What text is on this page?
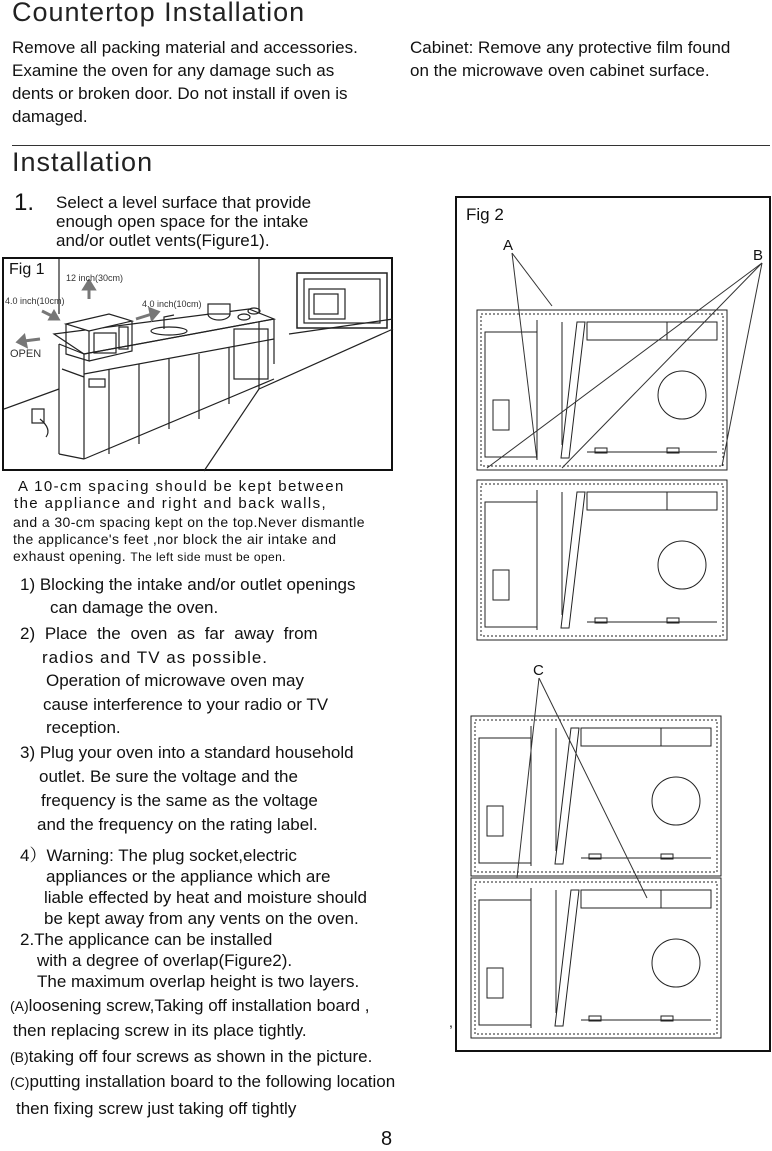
Countertop Installation
Remove all packing material and accessories.
Examine the oven for any damage such as
dents or broken door. Do not install if oven is
damaged.
Cabinet: Remove any protective film found
on the microwave oven cabinet surface.
Installation
1. Select a level surface that provide
enough open space for the intake
and/or outlet vents(Figure1).
Fig 1 12 inch(30cm)
4.0 inch(10cm)	4.0 inch(10cm)
OPEN
A 10-cm spacing should be kept between
the appliance and right and back walls,
and a 30-cm spacing kept on the top.Never dismantle
the applicance's feet ,nor block the air intake and
exhaust opening. The left side must be open.
1) Blocking the intake and/or outlet openings
can damage the oven.
2) Place the oven as far away from
radios and TV as possible.
Operation of microwave oven may
cause interference to your radio or TV
reception.
3) Plug your oven into a standard household
outlet. Be sure the voltage and the
frequency is the same as the voltage
and the frequency on the rating label.
4）Warning: The plug socket,electric
appliances or the appliance which are
liable effected by heat and moisture should
be kept away from any vents on the oven.
2.The applicance can be installed
with a degree of overlap(Figure2).
The maximum overlap height is two layers.
(A)loosening screw,Taking off installation board ,
then replacing screw in its place tightly.
(B)taking off four screws as shown in the picture.
(C)putting installation board to the following location
then fixing screw just taking off tightly
,
Fig 2
A
B
C
8
